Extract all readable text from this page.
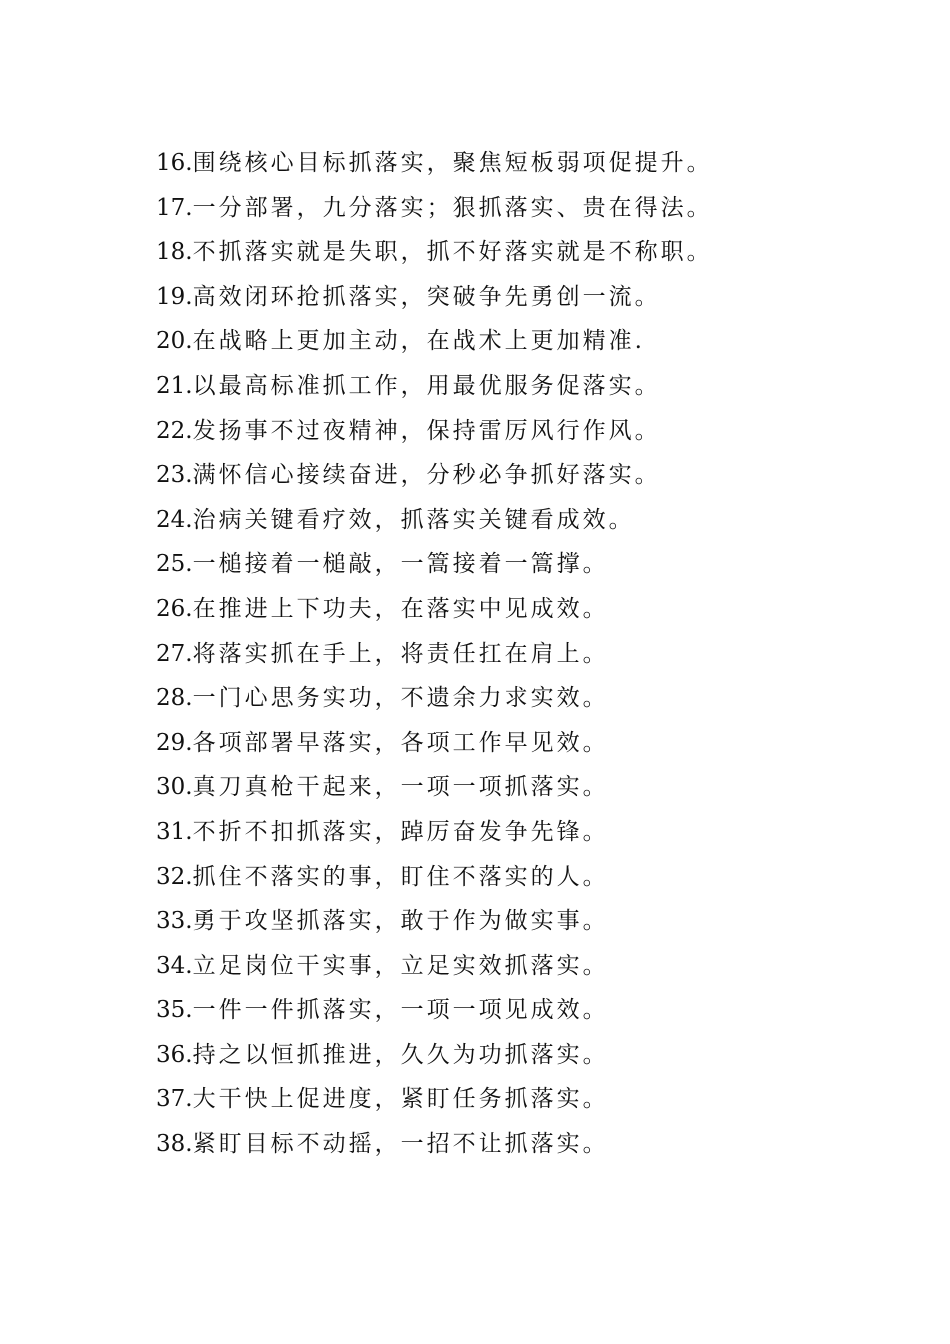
16.围绕核心目标抓落实，聚焦短板弱项促提升。
17.一分部署，九分落实；狠抓落实、贵在得法。
18.不抓落实就是失职，抓不好落实就是不称职。
19.高效闭环抢抓落实，突破争先勇创一流。
20.在战略上更加主动，在战术上更加精准.
21.以最高标准抓工作，用最优服务促落实。
22.发扬事不过夜精神，保持雷厉风行作风。
23.满怀信心接续奋进，分秒必争抓好落实。
24.治病关键看疗效，抓落实关键看成效。
25.一槌接着一槌敲，一篙接着一篙撑。
26.在推进上下功夫，在落实中见成效。
27.将落实抓在手上，将责任扛在肩上。
28.一门心思务实功，不遗余力求实效。
29.各项部署早落实，各项工作早见效。
30.真刀真枪干起来，一项一项抓落实。
31.不折不扣抓落实，踔厉奋发争先锋。
32.抓住不落实的事，盯住不落实的人。
33.勇于攻坚抓落实，敢于作为做实事。
34.立足岗位干实事，立足实效抓落实。
35.一件一件抓落实，一项一项见成效。
36.持之以恒抓推进，久久为功抓落实。
37.大干快上促进度，紧盯任务抓落实。
38.紧盯目标不动摇，一招不让抓落实。
